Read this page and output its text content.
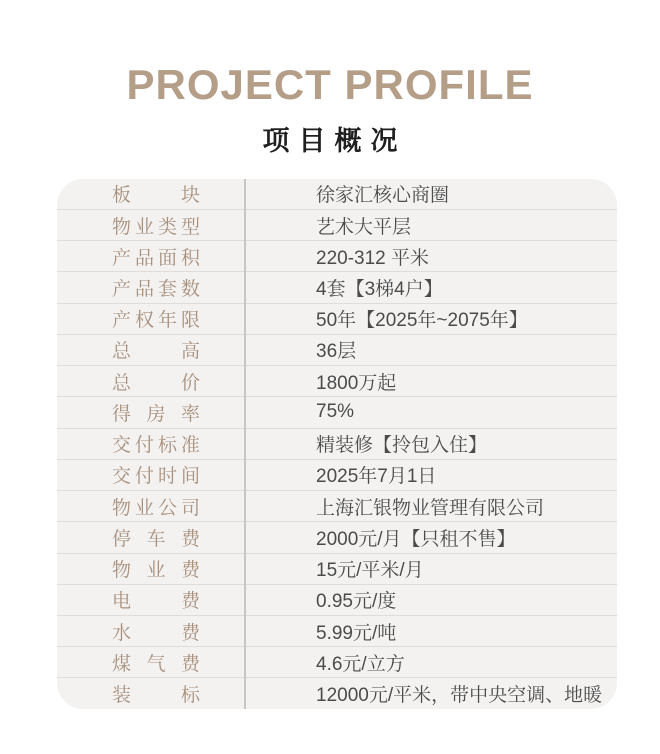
PROJECT PROFILE
项目概况
板块	徐家汇核心商圈
物业类型	艺术大平层
产品面积	220-312 平米
产品套数	4套【3梯4户】
产权年限	50年【2025年~2075年】
总高	36层
总价	1800万起
得房率	75%
交付标准	精装修【拎包入住】
交付时间	2025年7月1日
物业公司	上海汇银物业管理有限公司
停车费	2000元/月【只租不售】
物业费	15元/平米/月
电费	0.95元/度
水费	5.99元/吨
煤气费	4.6元/立方
装标	12000元/平米，带中央空调、地暖
